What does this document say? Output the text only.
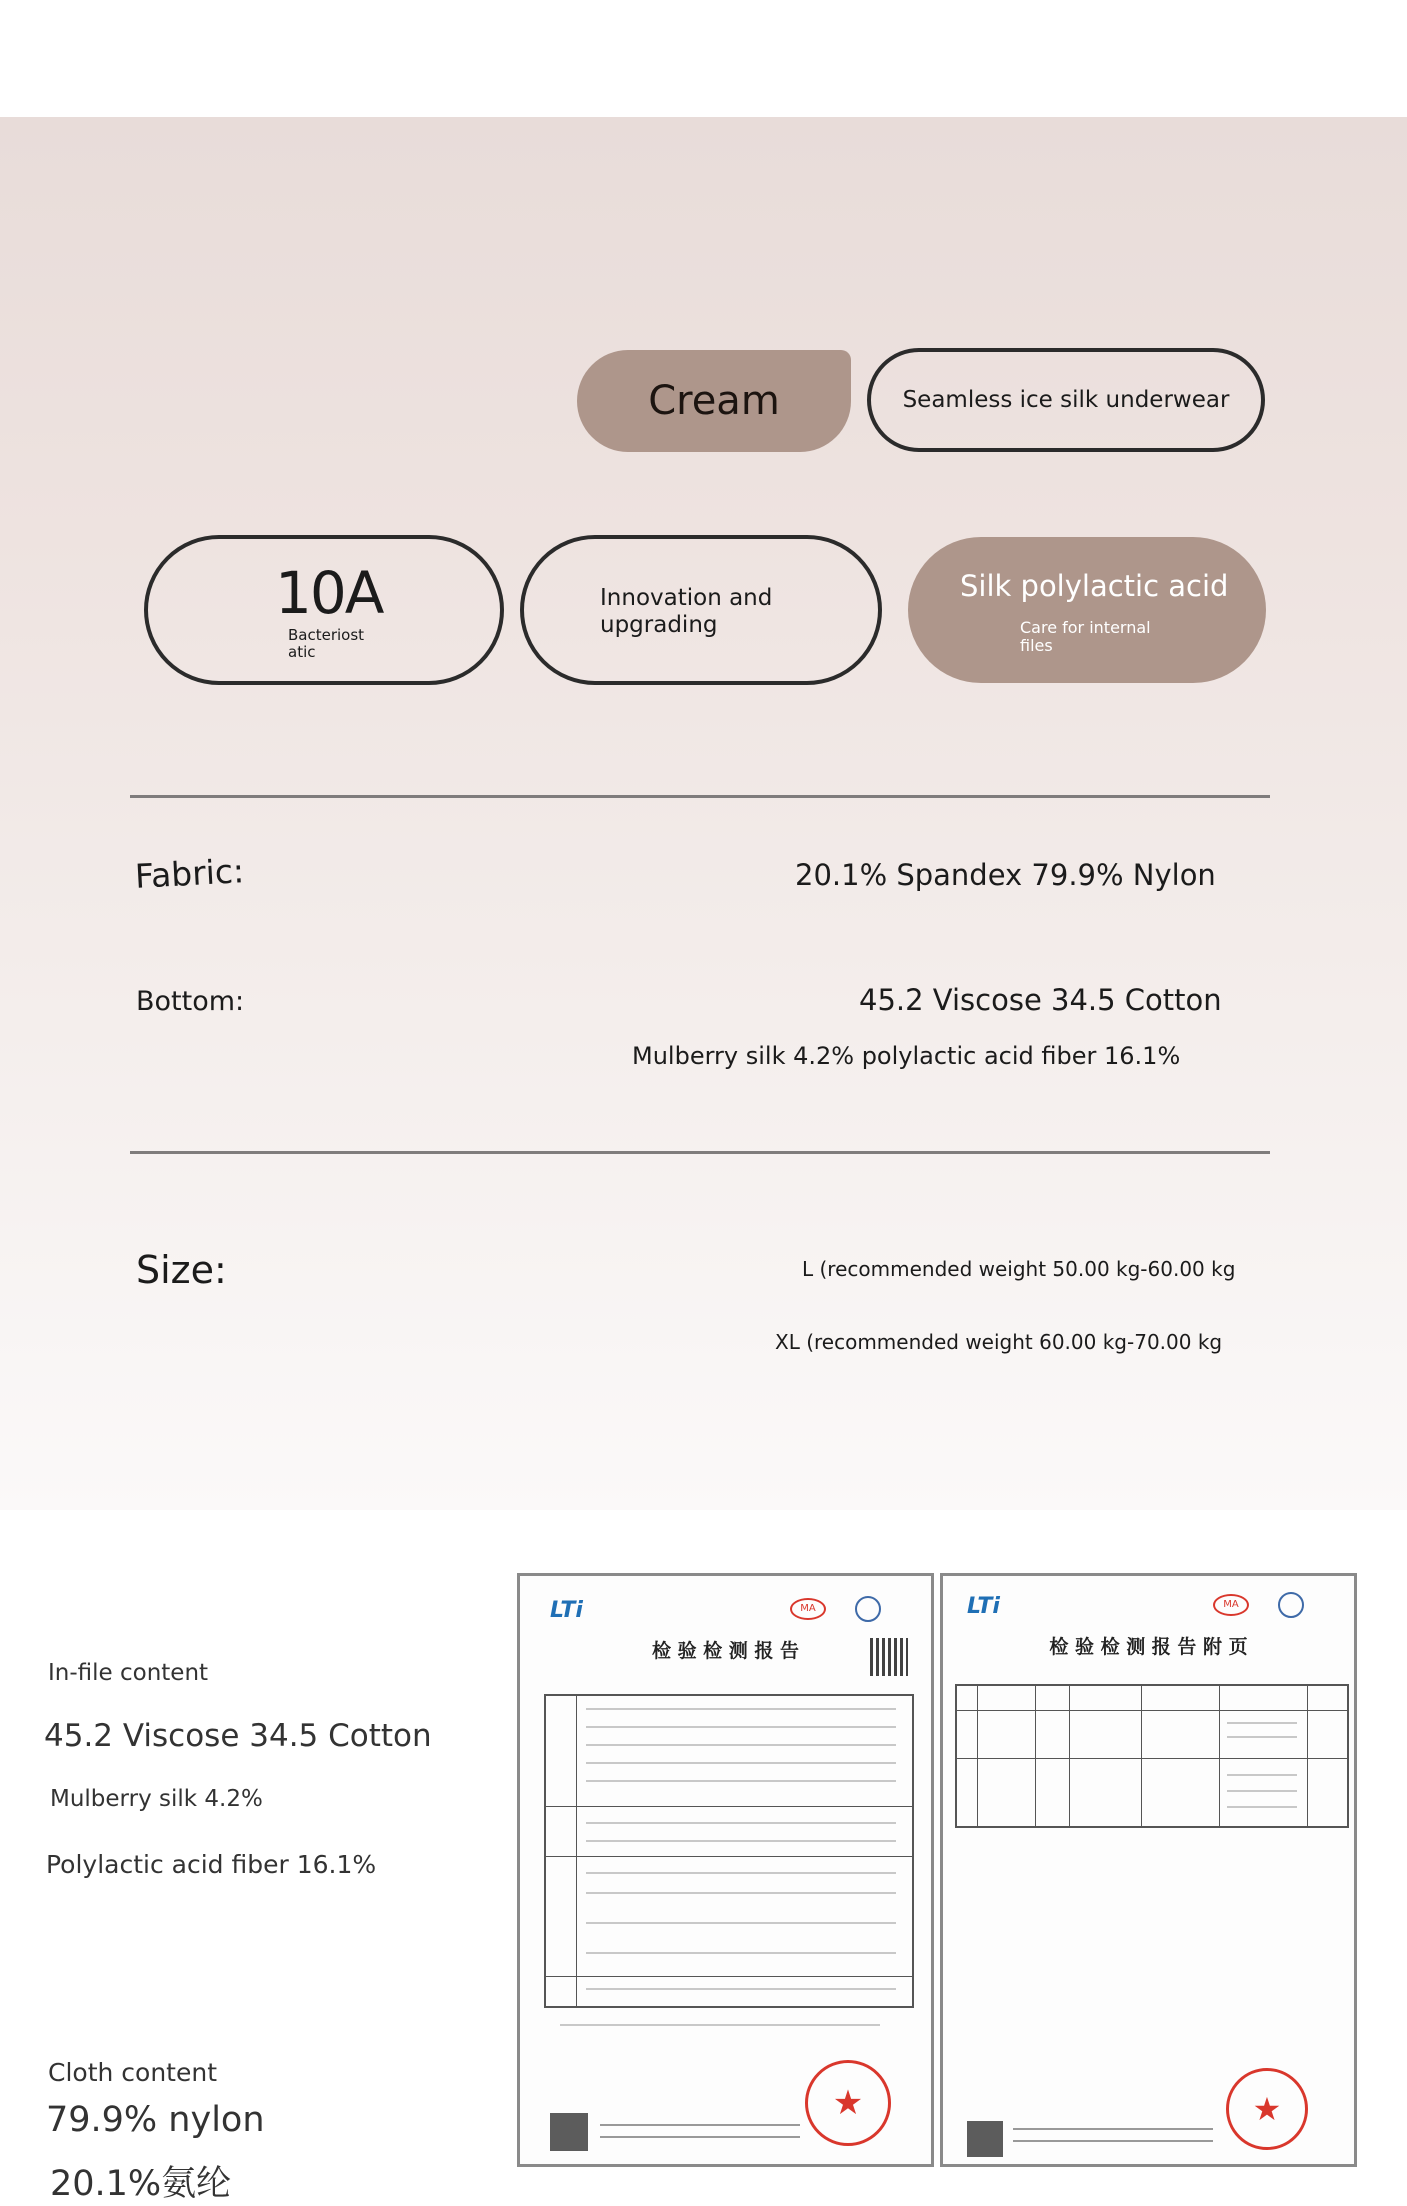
Cream	Seamless ice silk underwear
10A
Bacteriost atic
Innovation and upgrading
Silk polylactic acid
Care for internal files
Fabric:	20.1% Spandex 79.9% Nylon
Bottom:	45.2 Viscose 34.5 Cotton
Mulberry silk 4.2% polylactic acid fiber 16.1%
Size:	L (recommended weight 50.00 kg-60.00 kg
XL (recommended weight 60.00 kg-70.00 kg
In-file content
45.2 Viscose 34.5 Cotton
Mulberry silk 4.2%
Polylactic acid fiber 16.1%
Cloth content
79.9% nylon
20.1%氨纶
LTi	MA
检 验 检 测 报 告
★
LTi	MA
检 验 检 测 报 告 附 页
★
